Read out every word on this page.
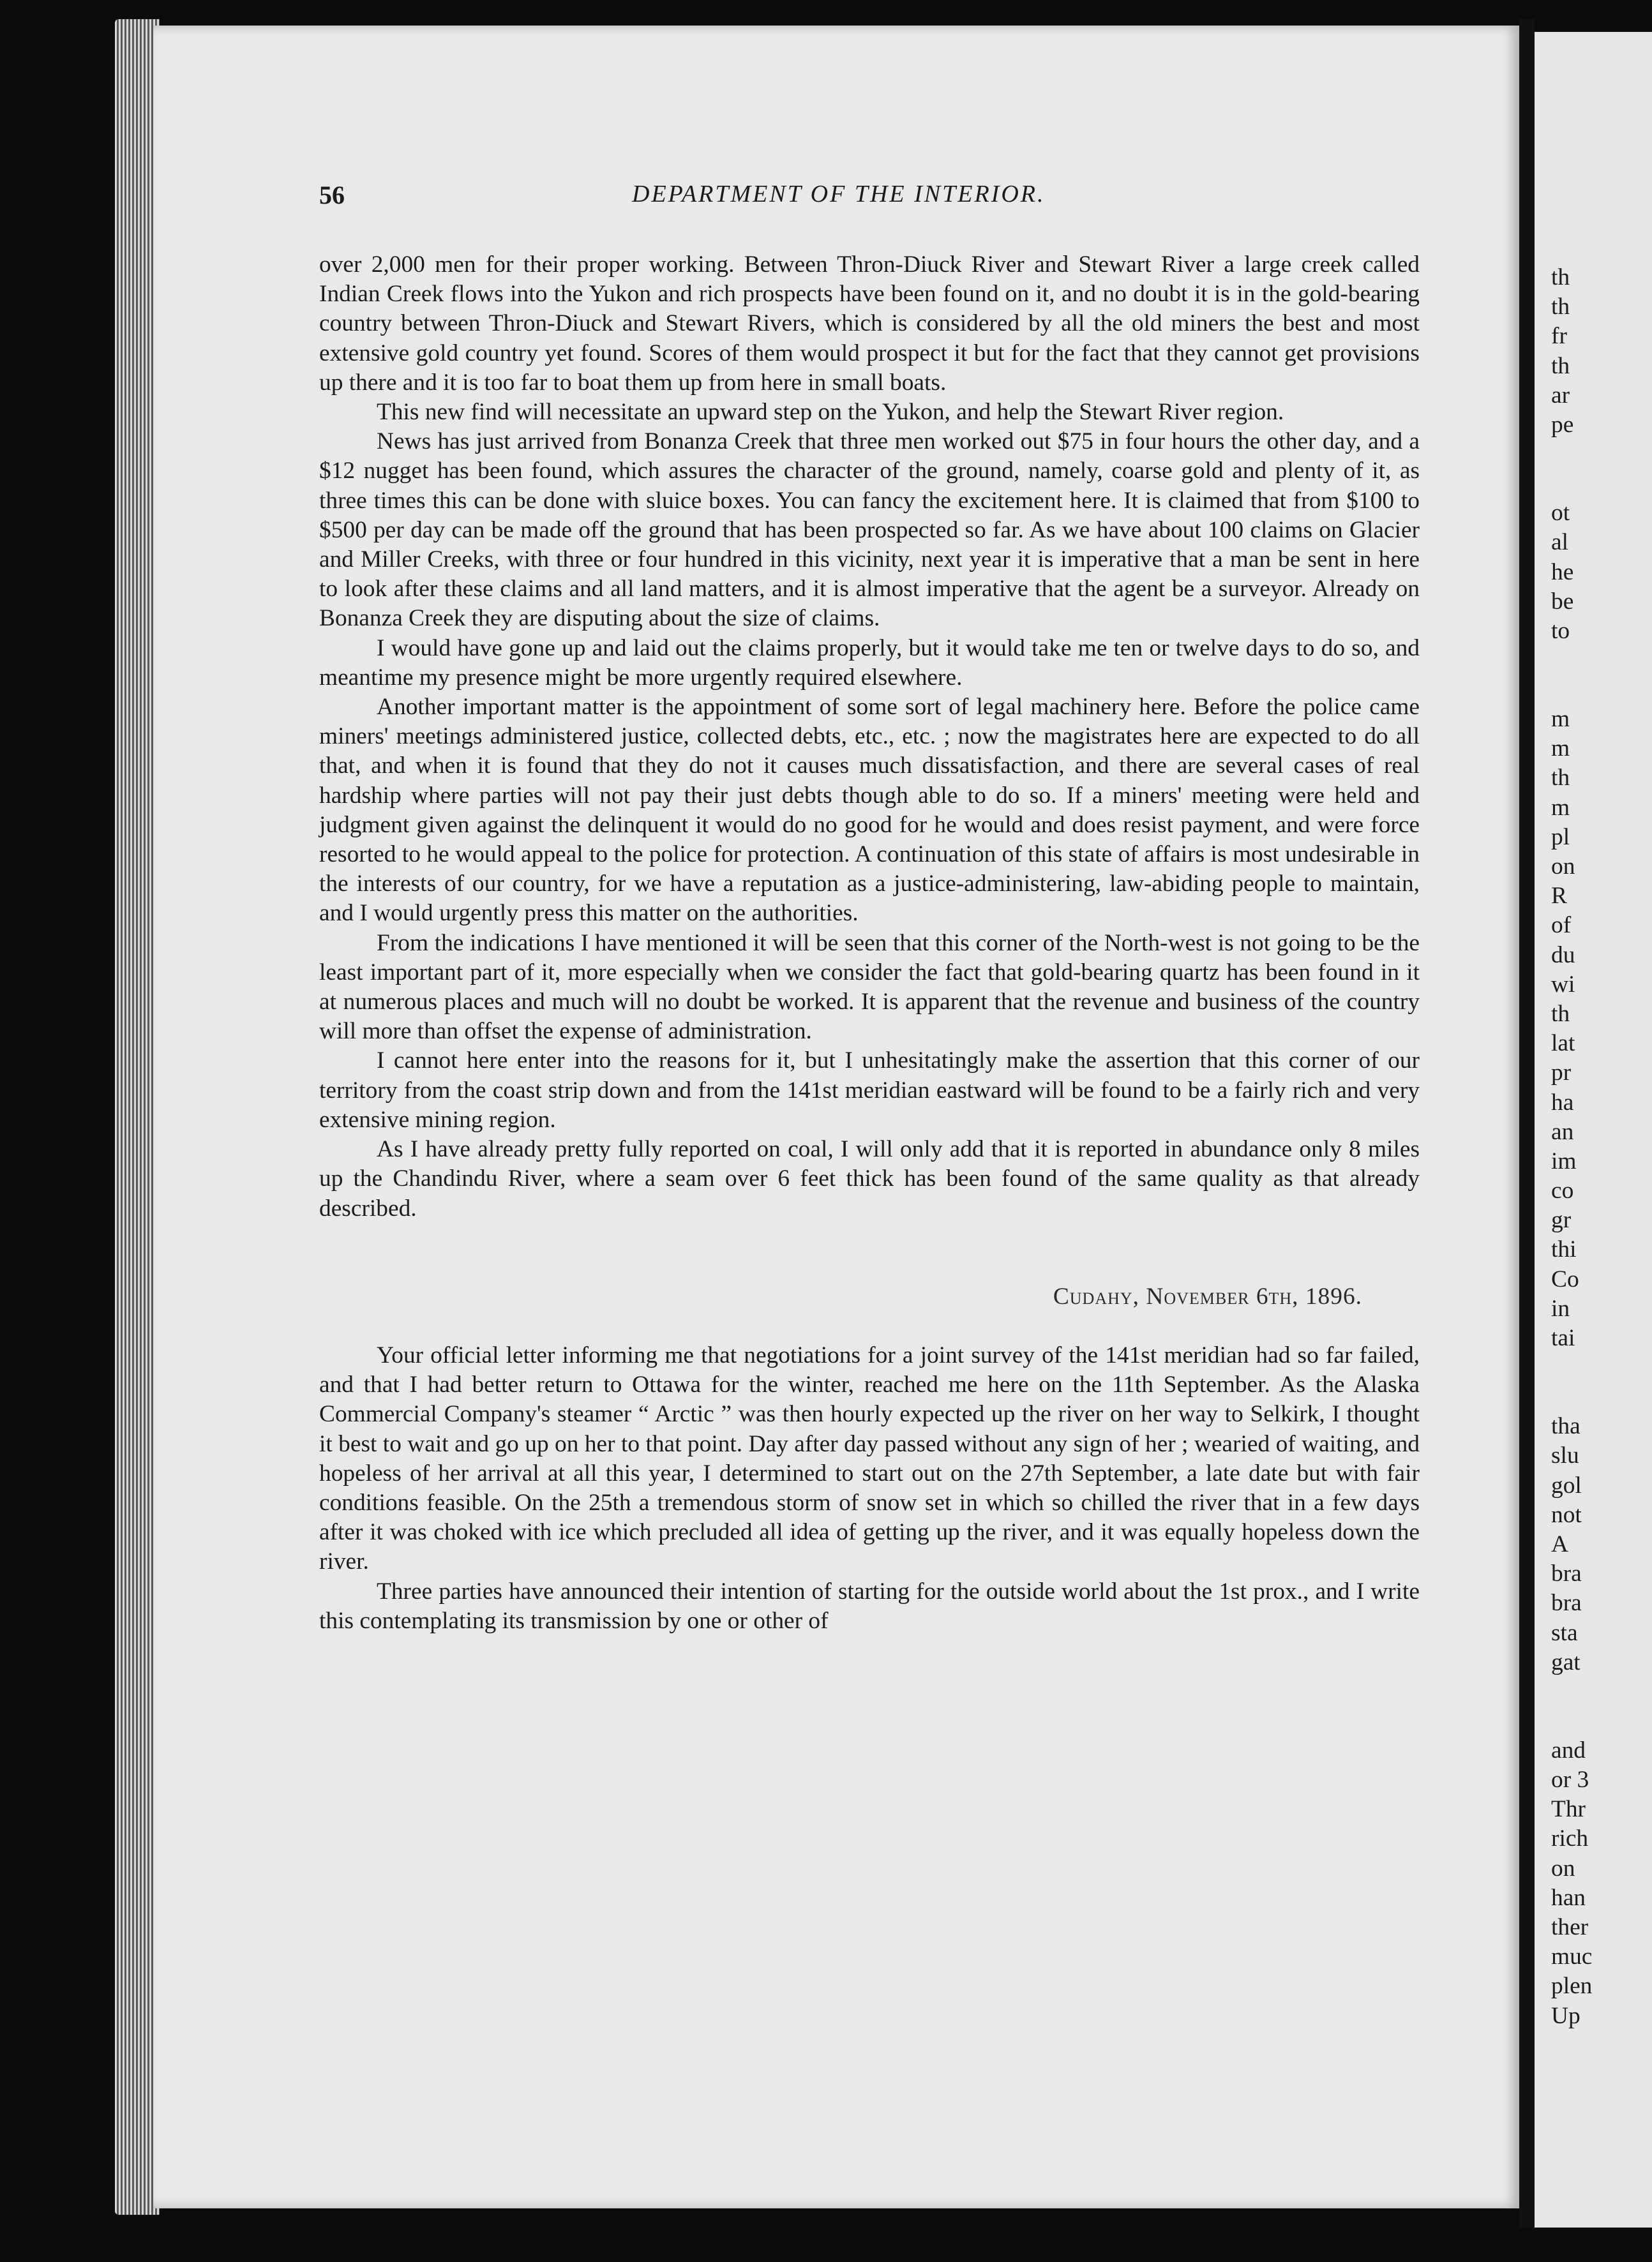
56	DEPARTMENT OF THE INTERIOR.

over 2,000 men for their proper working. Between Thron-Diuck River and Stewart River a large creek called Indian Creek flows into the Yukon and rich prospects have been found on it, and no doubt it is in the gold-bearing country between Thron-Diuck and Stewart Rivers, which is considered by all the old miners the best and most extensive gold country yet found. Scores of them would prospect it but for the fact that they cannot get provisions up there and it is too far to boat them up from here in small boats.

This new find will necessitate an upward step on the Yukon, and help the Stewart River region.

News has just arrived from Bonanza Creek that three men worked out $75 in four hours the other day, and a $12 nugget has been found, which assures the character of the ground, namely, coarse gold and plenty of it, as three times this can be done with sluice boxes. You can fancy the excitement here. It is claimed that from $100 to $500 per day can be made off the ground that has been prospected so far. As we have about 100 claims on Glacier and Miller Creeks, with three or four hundred in this vicinity, next year it is imperative that a man be sent in here to look after these claims and all land matters, and it is almost imperative that the agent be a surveyor. Already on Bonanza Creek they are disputing about the size of claims.

I would have gone up and laid out the claims properly, but it would take me ten or twelve days to do so, and meantime my presence might be more urgently required elsewhere.

Another important matter is the appointment of some sort of legal machinery here. Before the police came miners' meetings administered justice, collected debts, etc., etc. ; now the magistrates here are expected to do all that, and when it is found that they do not it causes much dissatisfaction, and there are several cases of real hardship where parties will not pay their just debts though able to do so. If a miners' meeting were held and judgment given against the delinquent it would do no good for he would and does resist payment, and were force resorted to he would appeal to the police for protection. A continuation of this state of affairs is most undesirable in the interests of our country, for we have a reputation as a justice-administering, law-abiding people to maintain, and I would urgently press this matter on the authorities.

From the indications I have mentioned it will be seen that this corner of the North-west is not going to be the least important part of it, more especially when we consider the fact that gold-bearing quartz has been found in it at numerous places and much will no doubt be worked. It is apparent that the revenue and business of the country will more than offset the expense of administration.

I cannot here enter into the reasons for it, but I unhesitatingly make the assertion that this corner of our territory from the coast strip down and from the 141st meridian eastward will be found to be a fairly rich and very extensive mining region.

As I have already pretty fully reported on coal, I will only add that it is reported in abundance only 8 miles up the Chandindu River, where a seam over 6 feet thick has been found of the same quality as that already described.

Cudahy, November 6th, 1896.

Your official letter informing me that negotiations for a joint survey of the 141st meridian had so far failed, and that I had better return to Ottawa for the winter, reached me here on the 11th September. As the Alaska Commercial Company's steamer “ Arctic ” was then hourly expected up the river on her way to Selkirk, I thought it best to wait and go up on her to that point. Day after day passed without any sign of her ; wearied of waiting, and hopeless of her arrival at all this year, I determined to start out on the 27th September, a late date but with fair conditions feasible. On the 25th a tremendous storm of snow set in which so chilled the river that in a few days after it was choked with ice which precluded all idea of getting up the river, and it was equally hopeless down the river.

Three parties have announced their intention of starting for the outside world about the 1st prox., and I write this contemplating its transmission by one or other of

th
th
fr
th
ar
pe
ot
al
he
be
to
m
m
th
m
pl
on
R
of
du
wi
th
lat
pr
ha
an
im
co
gr
thi
Co
in
tai
tha
slu
gol
not
A
bra
bra
sta
gat
and
or 3
Thr
rich
on
han
ther
muc
plen
Up
